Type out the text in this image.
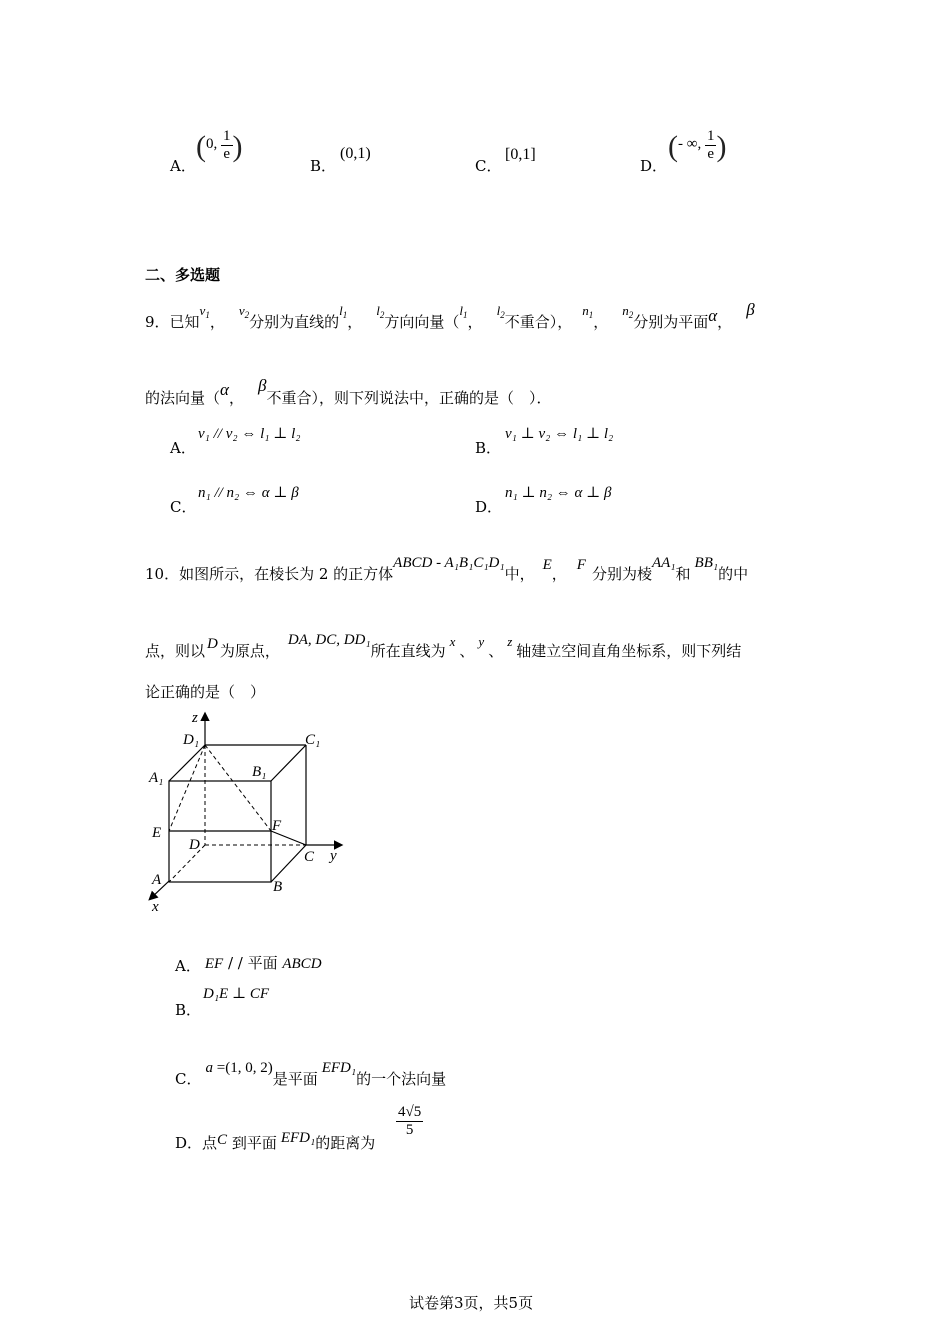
A．
(0, $\frac{1}{e}$ )
B．
(0,1)
C．
[0,1]
D．
(- ∞, $\frac{1}{e}$ )
二、多选题
9．已知$v_1$，$v_2$分别为直线的$l_1$，$l_2$方向向量（$l_1$，$l_2$不重合），$n_1$，$n_2$分别为平面α，β
的法向量（α，β不重合），则下列说法中，正确的是（　）．
A．
v₁ // v₂ ⇔ l₁ ⊥ l₂
B．
v₁ ⊥ v₂ ⇔ l₁ ⊥ l₂
C．
n₁ // n₂ ⇔ α ⊥ β
D．
n₁ ⊥ n₂ ⇔ α ⊥ β
10．如图所示，在棱长为 2 的正方体ABCD - A₁B₁C₁D₁中， E， F 分别为棱AA₁和BB₁的中
点，则以 D 为原点，DA, DC, DD₁所在直线为x、y、z轴建立空间直角坐标系，则下列结
论正确的是（　）
z
y
x
D₁	C₁
A₁	B₁
E	F
D
C
A	B
A． EF / / 平面 ABCD
B．
D₁E ⊥ CF
C．a =(1, 0, 2)是平面EFD₁的一个法向量
D．点C 到平面 EFD₁的距离为
$\frac{4√5}{5}$
试卷第3页，共5页
